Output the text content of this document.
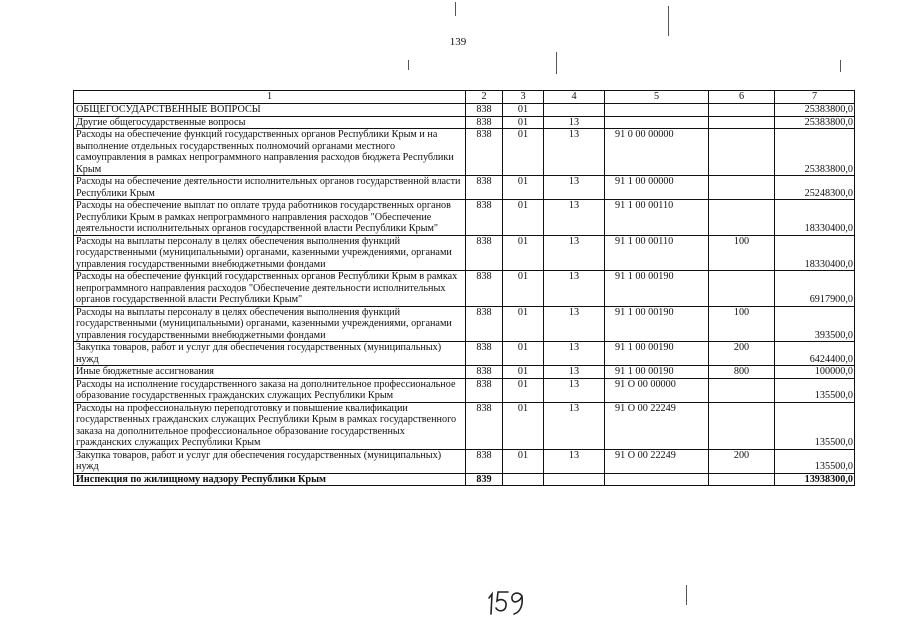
139
1	2	3	4	5	6	7
ОБЩЕГОСУДАРСТВЕННЫЕ ВОПРОСЫ	838	01				25383800,0
Другие общегосударственные вопросы	838	01	13			25383800,0
Расходы на обеспечение функций государственных органов Республики Крым и на выполнение отдельных государственных полномочий органами местного самоуправления в рамках непрограммного направления расходов бюджета Республики Крым	838	01	13	91 0 00 00000		25383800,0
Расходы на обеспечение деятельности исполнительных органов государственной власти Республики Крым	838	01	13	91 1 00 00000		25248300,0
Расходы на обеспечение выплат по оплате труда работников государственных органов Республики Крым в рамках непрограммного направления расходов "Обеспечение деятельности исполнительных органов государственной власти Республики Крым"	838	01	13	91 1 00 00110		18330400,0
Расходы на выплаты персоналу в целях обеспечения выполнения функций государственными (муниципальными) органами, казенными учреждениями, органами управления государственными внебюджетными фондами	838	01	13	91 1 00 00110	100	18330400,0
Расходы на обеспечение функций государственных органов Республики Крым в рамках непрограммного направления расходов "Обеспечение деятельности исполнительных органов государственной власти Республики Крым"	838	01	13	91 1 00 00190		6917900,0
Расходы на выплаты персоналу в целях обеспечения выполнения функций государственными (муниципальными) органами, казенными учреждениями, органами управления государственными внебюджетными фондами	838	01	13	91 1 00 00190	100	393500,0
Закупка товаров, работ и услуг для обеспечения государственных (муниципальных) нужд	838	01	13	91 1 00 00190	200	6424400,0
Иные бюджетные ассигнования	838	01	13	91 1 00 00190	800	100000,0
Расходы на исполнение государственного заказа на дополнительное профессиональное образование государственных гражданских служащих Республики Крым	838	01	13	91 О 00 00000		135500,0
Расходы на профессиональную переподготовку и повышение квалификации государственных гражданских служащих Республики Крым в рамках государственного заказа на дополнительное профессиональное образование государственных гражданских служащих Республики Крым	838	01	13	91 О 00 22249		135500,0
Закупка товаров, работ и услуг для обеспечения государственных (муниципальных) нужд	838	01	13	91 О 00 22249	200	135500,0
Инспекция по жилищному надзору Республики Крым	839					13938300,0
